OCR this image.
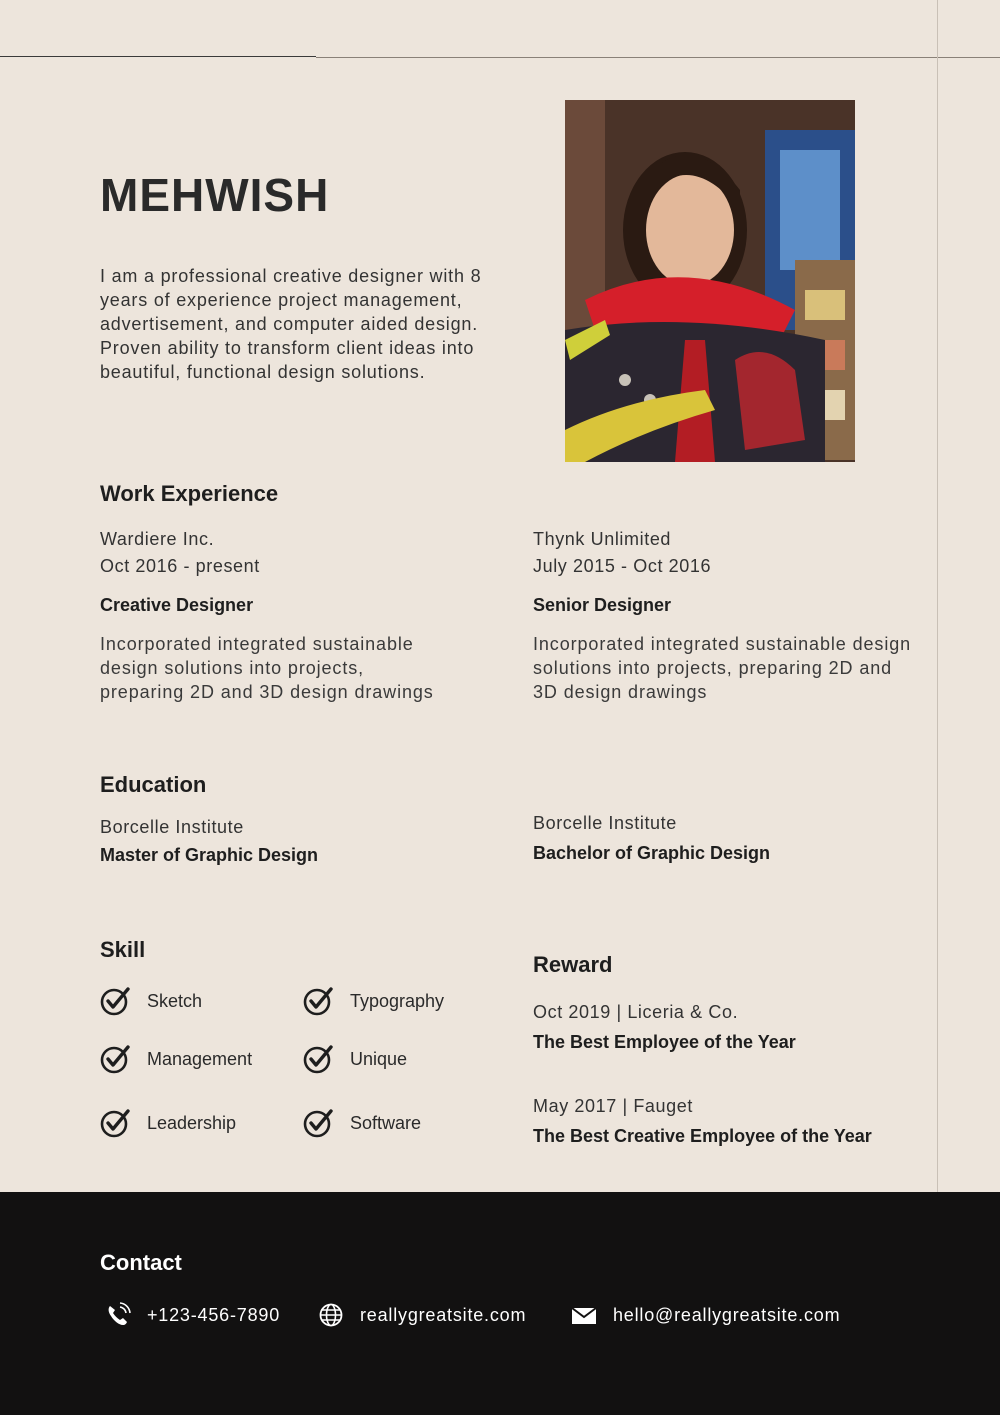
MEHWISH
I am a professional creative designer with 8 years of experience project management, advertisement, and computer aided design. Proven ability to transform client ideas into beautiful, functional design solutions.
Work Experience
Wardiere Inc.
Oct 2016 - present
Creative Designer
Incorporated integrated sustainable design solutions into projects, preparing 2D and 3D design drawings
Thynk Unlimited
July 2015 - Oct 2016
Senior Designer
Incorporated integrated sustainable design solutions into projects, preparing 2D and 3D design drawings
Education
Borcelle Institute
Master of Graphic Design
Borcelle Institute
Bachelor of Graphic Design
Skill
Sketch	Typography
Management	Unique
Leadership	Software
Reward
Oct 2019 | Liceria & Co.
The Best Employee of the Year
May 2017 | Fauget
The Best Creative Employee of the Year
Contact
+123-456-7890	reallygreatsite.com	hello@reallygreatsite.com
